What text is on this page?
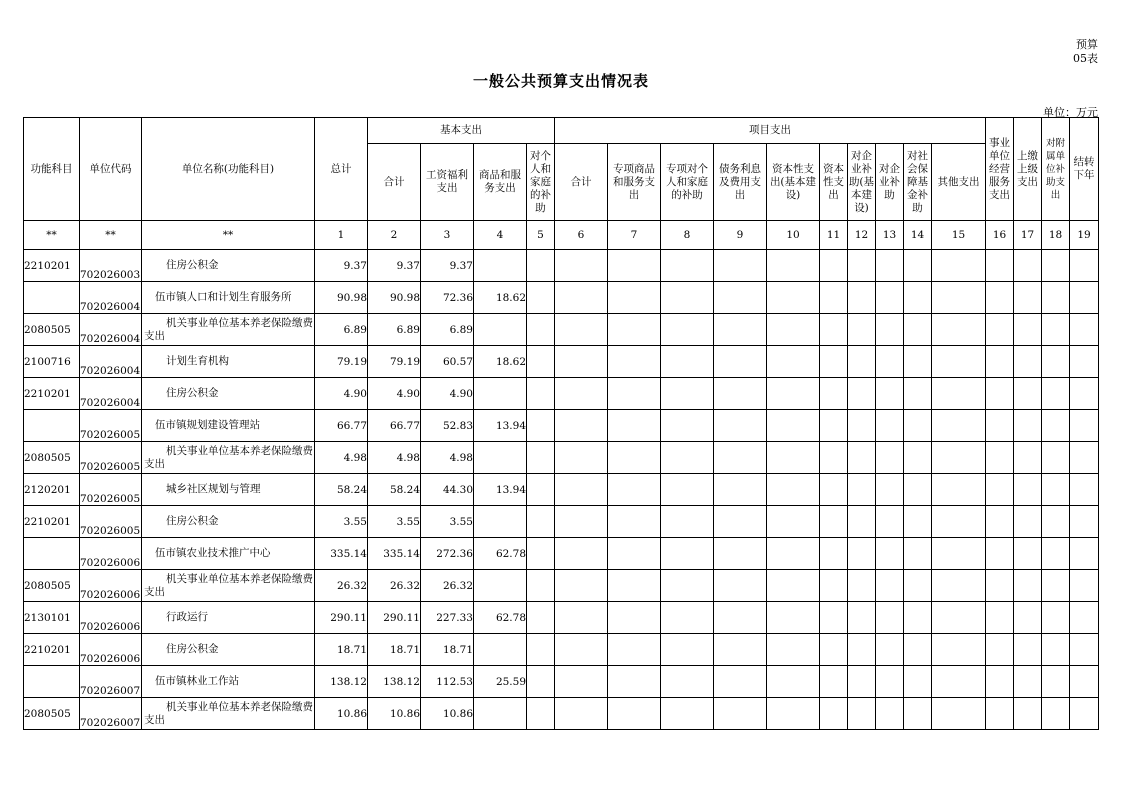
预算
05表
一般公共预算支出情况表
单位：万元
功能科目	单位代码	单位名称(功能科目)	总计	基本支出				项目支出										事业单位经营服务支出	上缴上级支出	对附属单位补助支出	结转下年
				合计	工资福利支出	商品和服务支出	对个人和家庭的补助	合计	专项商品和服务支出	专项对个人和家庭的补助	债务利息及费用支出	资本性支出(基本建设)	资本性支出	对企业补助(基本建设)	对企业补助	对社会保障基金补助	其他支出				
**	**	**	1	2	3	4	5	6	7	8	9	10	11	12	13	14	15	16	17	18	19
2210201	702026003	住房公积金	9.37	9.37	9.37																
	702026004	伍市镇人口和计划生育服务所	90.98	90.98	72.36	18.62															
2080505	702026004	机关事业单位基本养老保险缴费支出	6.89	6.89	6.89																
2100716	702026004	计划生育机构	79.19	79.19	60.57	18.62															
2210201	702026004	住房公积金	4.90	4.90	4.90																
	702026005	伍市镇规划建设管理站	66.77	66.77	52.83	13.94															
2080505	702026005	机关事业单位基本养老保险缴费支出	4.98	4.98	4.98																
2120201	702026005	城乡社区规划与管理	58.24	58.24	44.30	13.94															
2210201	702026005	住房公积金	3.55	3.55	3.55																
	702026006	伍市镇农业技术推广中心	335.14	335.14	272.36	62.78															
2080505	702026006	机关事业单位基本养老保险缴费支出	26.32	26.32	26.32																
2130101	702026006	行政运行	290.11	290.11	227.33	62.78															
2210201	702026006	住房公积金	18.71	18.71	18.71																
	702026007	伍市镇林业工作站	138.12	138.12	112.53	25.59															
2080505	702026007	机关事业单位基本养老保险缴费支出	10.86	10.86	10.86																
